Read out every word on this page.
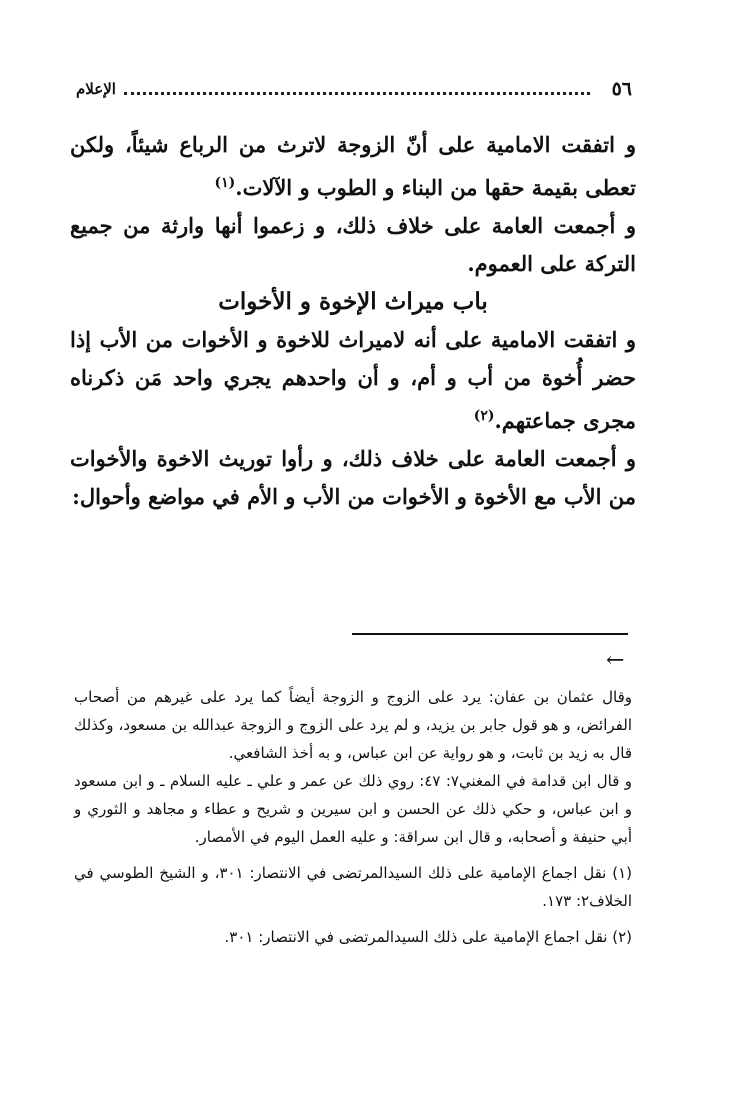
٥٦
الإعلام

و اتفقت الامامية على أنّ الزوجة لاترث من الرباع شيئاً، ولكن تعطى بقيمة حقها من البناء و الطوب و الآلات.$^{(١)}$

و أجمعت العامة على خلاف ذلك، و زعموا أنها وارثة من جميع التركة على العموم.

باب ميراث الإخوة و الأخوات

و اتفقت الامامية على أنه لاميراث للاخوة و الأخوات من الأب إذا حضر أُخوة من أب و أم، و أن واحدهم يجري واحد مَن ذكرناه مجرى جماعتهم.$^{(٢)}$

و أجمعت العامة على خلاف ذلك، و رأوا توريث الاخوة والأخوات من الأب مع الأخوة و الأخوات من الأب و الأم في مواضع وأحوال:

←

وقال عثمان بن عفان: يرد على الزوج و الزوجة أيضاً كما يرد على غيرهم من أصحاب الفرائض، و هو قول جابر بن يزيد، و لم يرد على الزوج و الزوجة عبدالله بن مسعود، وكذلك قال به زيد بن ثابت، و هو رواية عن ابن عباس، و به أخذ الشافعي.

و قال ابن قدامة في المغني٧: ٤٧: روي ذلك عن عمر و علي ـ عليه السلام ـ و ابن مسعود و ابن عباس، و حكي ذلك عن الحسن و ابن سيرين و شريح و عطاء و مجاهد و الثوري و أبي حنيفة و أصحابه، و قال ابن سراقة: و عليه العمل اليوم في الأمصار.

(١) نقل اجماع الإمامية على ذلك السيدالمرتضى في الانتصار: ٣٠١، و الشيخ الطوسي في الخلاف٢: ١٧٣.

(٢) نقل اجماع الإمامية على ذلك السيدالمرتضى في الانتصار: ٣٠١.
